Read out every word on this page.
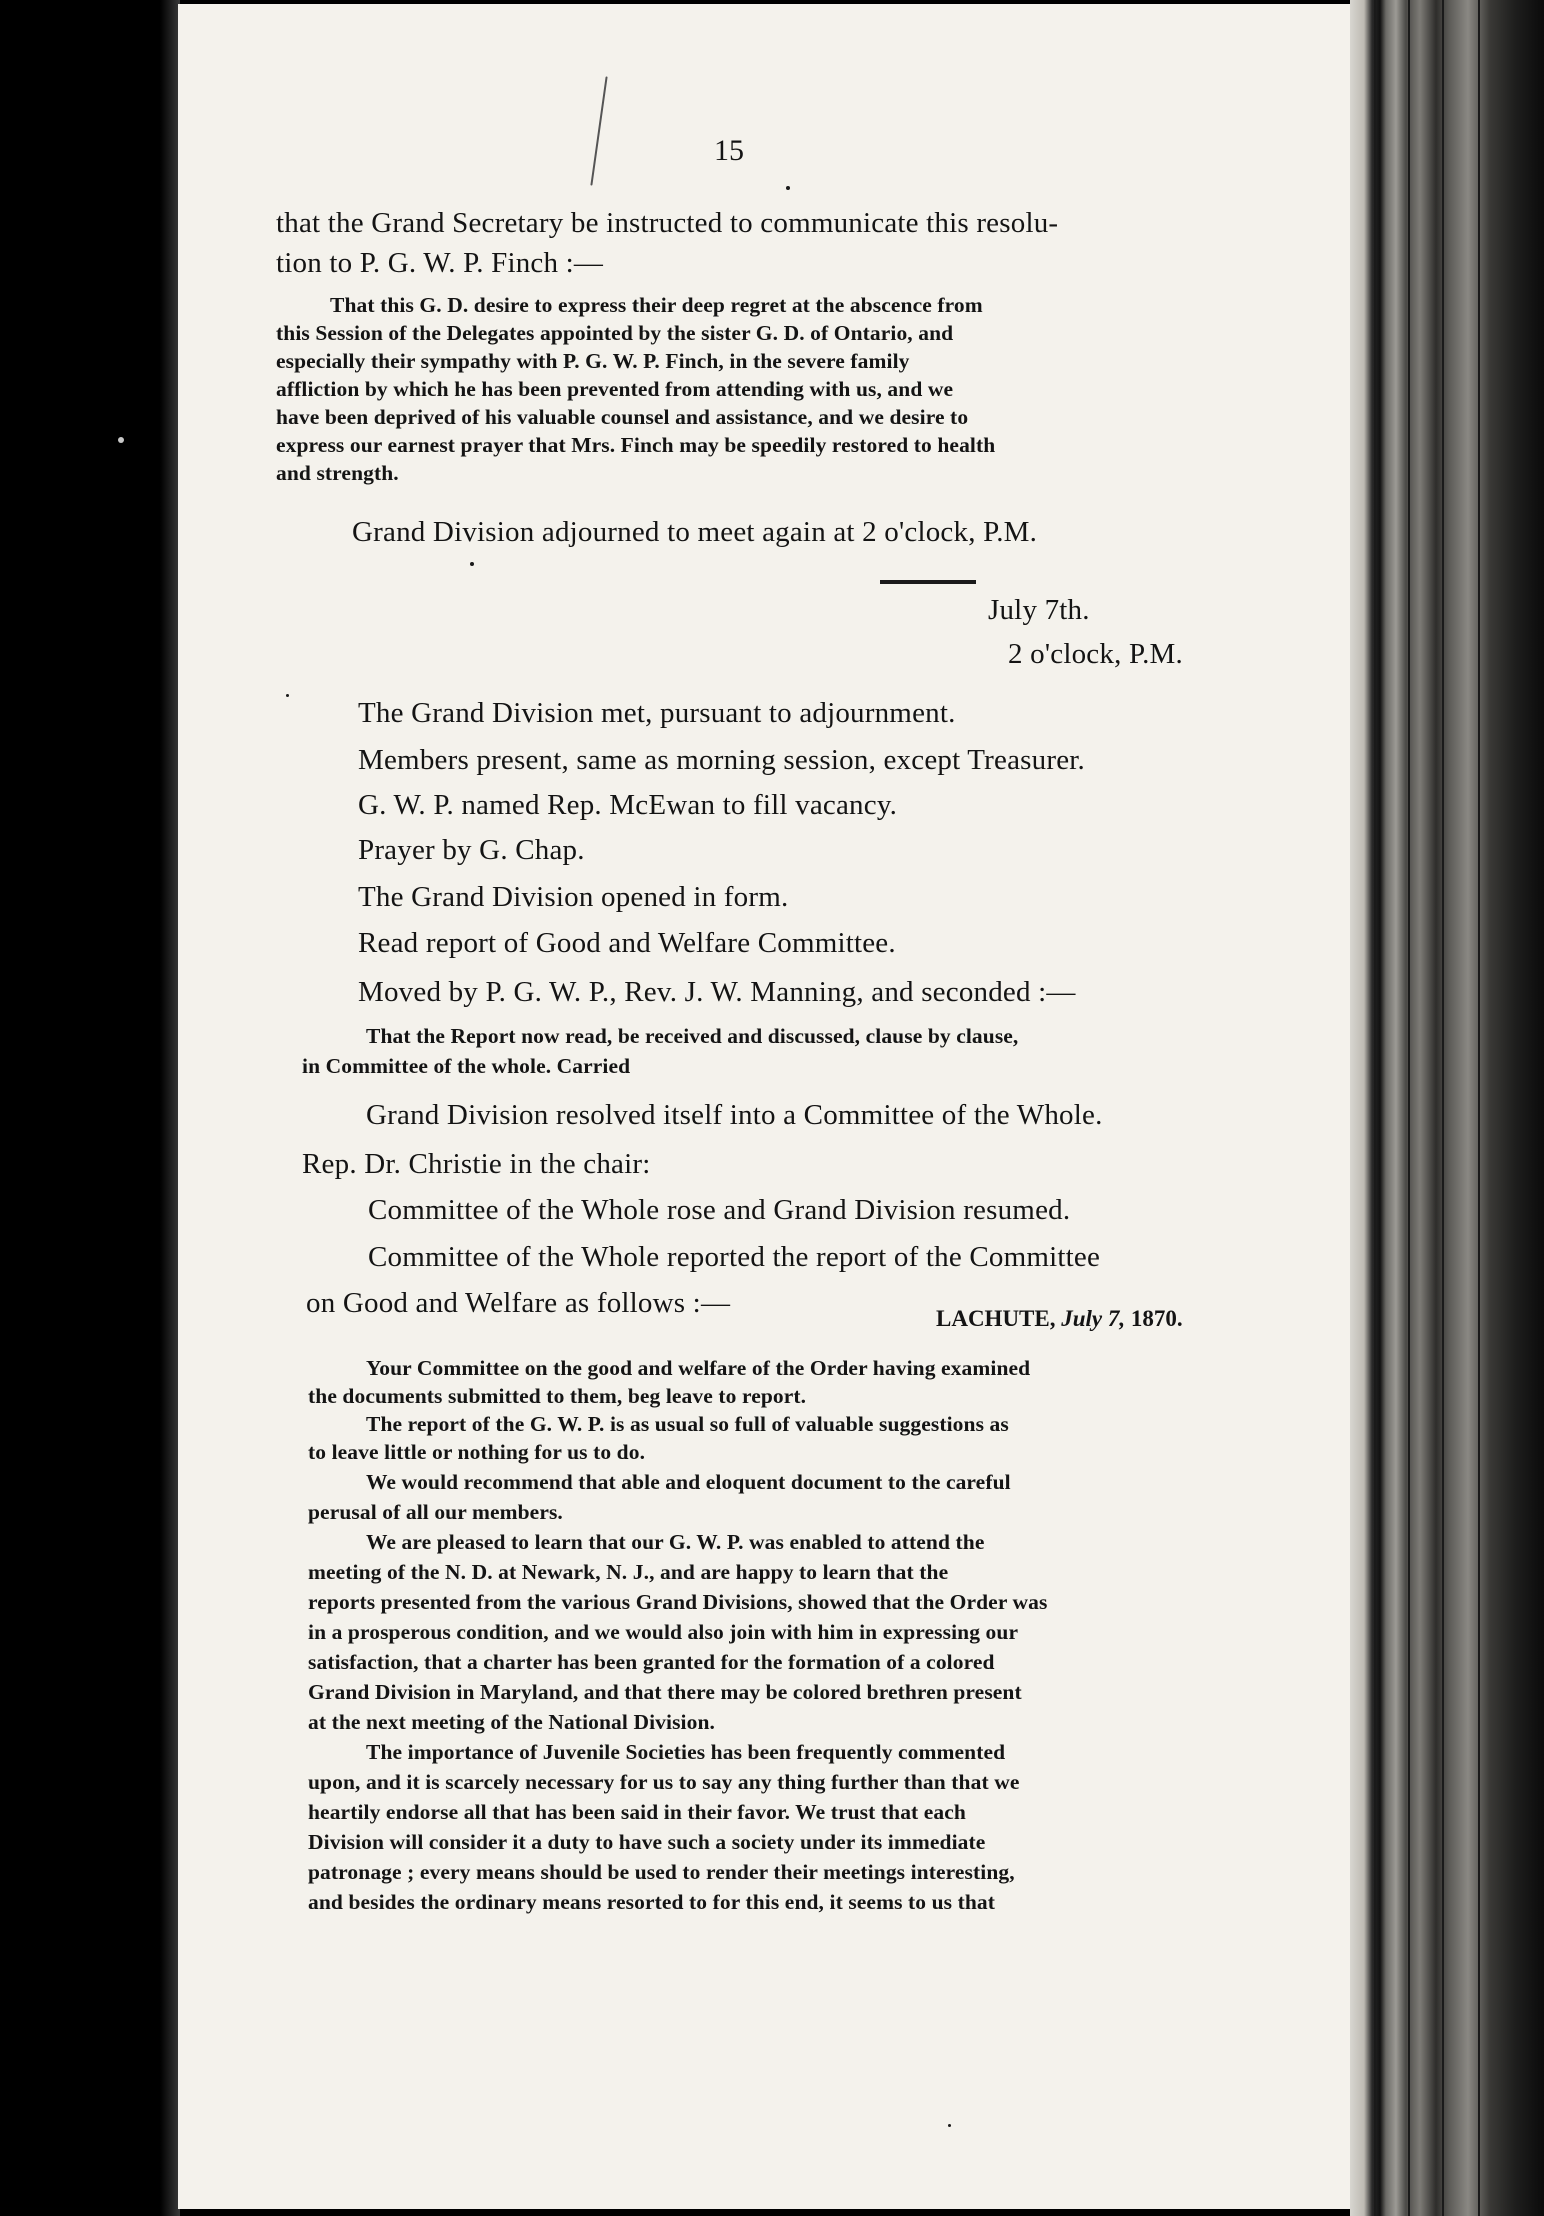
15
that the Grand Secretary be instructed to communicate this resolu-
tion to P. G. W. P. Finch :—
That this G. D. desire to express their deep regret at the abscence from
this Session of the Delegates appointed by the sister G. D. of Ontario, and
especially their sympathy with P. G. W. P. Finch, in the severe family
affliction by which he has been prevented from attending with us, and we
have been deprived of his valuable counsel and assistance, and we desire to
express our earnest prayer that Mrs. Finch may be speedily restored to health
and strength.
Grand Division adjourned to meet again at 2 o'clock, P.M.
July 7th.
2 o'clock, P.M.
The Grand Division met, pursuant to adjournment.
Members present, same as morning session, except Treasurer.
G. W. P. named Rep. McEwan to fill vacancy.
Prayer by G. Chap.
The Grand Division opened in form.
Read report of Good and Welfare Committee.
Moved by P. G. W. P., Rev. J. W. Manning, and seconded :—
That the Report now read, be received and discussed, clause by clause,
in Committee of the whole. Carried
Grand Division resolved itself into a Committee of the Whole.
Rep. Dr. Christie in the chair:
Committee of the Whole rose and Grand Division resumed.
Committee of the Whole reported the report of the Committee
on Good and Welfare as follows :—	LACHUTE, July 7, 1870.
Your Committee on the good and welfare of the Order having examined
the documents submitted to them, beg leave to report.
The report of the G. W. P. is as usual so full of valuable suggestions as
to leave little or nothing for us to do.
We would recommend that able and eloquent document to the careful
perusal of all our members.
We are pleased to learn that our G. W. P. was enabled to attend the
meeting of the N. D. at Newark, N. J., and are happy to learn that the
reports presented from the various Grand Divisions, showed that the Order was
in a prosperous condition, and we would also join with him in expressing our
satisfaction, that a charter has been granted for the formation of a colored
Grand Division in Maryland, and that there may be colored brethren present
at the next meeting of the National Division.
The importance of Juvenile Societies has been frequently commented
upon, and it is scarcely necessary for us to say any thing further than that we
heartily endorse all that has been said in their favor. We trust that each
Division will consider it a duty to have such a society under its immediate
patronage ; every means should be used to render their meetings interesting,
and besides the ordinary means resorted to for this end, it seems to us that
